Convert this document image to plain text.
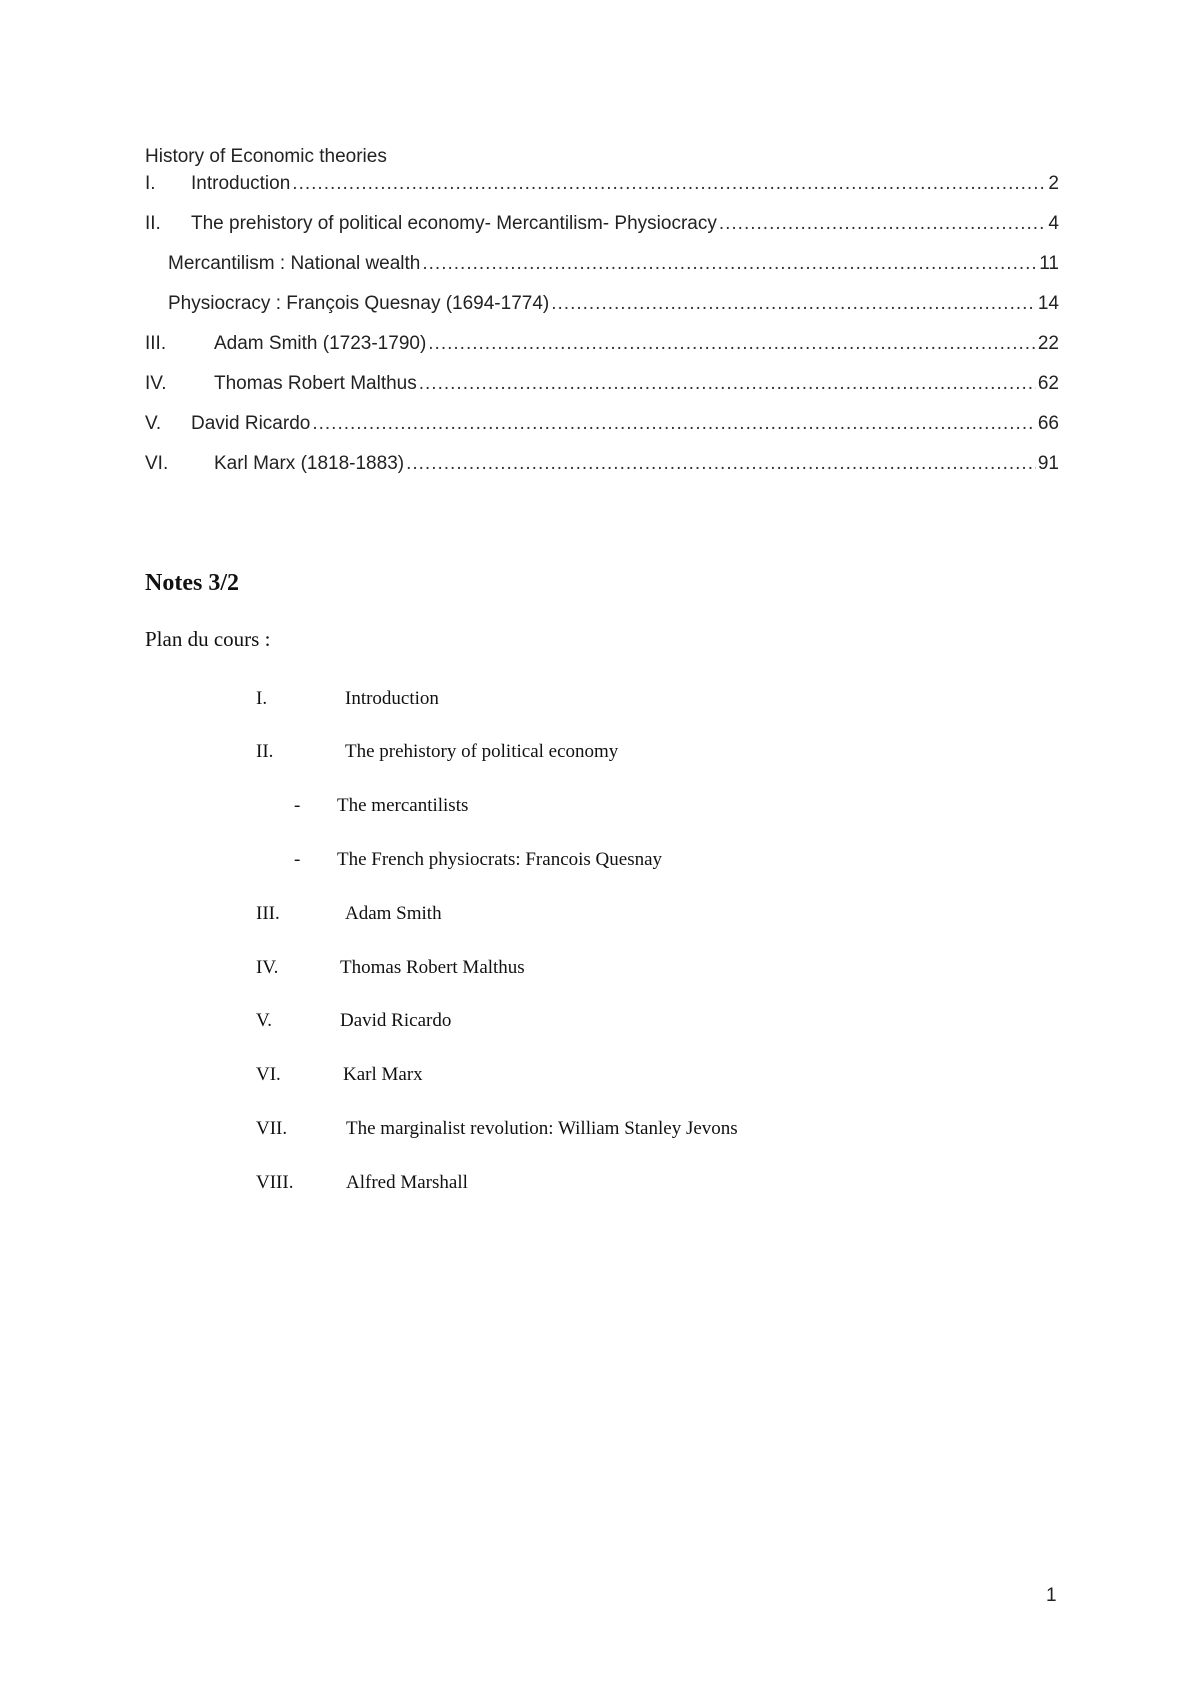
History of Economic theories
I.	Introduction .....	2
II.	The prehistory of political economy- Mercantilism- Physiocracy .....	4
Mercantilism : National wealth .....	11
Physiocracy : François Quesnay (1694-1774) .....	14
III.	Adam Smith (1723-1790) .....	22
IV.	Thomas Robert Malthus .....	62
V.	David Ricardo .....	66
VI.	Karl Marx (1818-1883) .....	91
Notes 3/2
Plan du cours :
I.	Introduction
II.	The prehistory of political economy
- The mercantilists
- The French physiocrats: Francois Quesnay
III.	Adam Smith
IV.	Thomas Robert Malthus
V.	David Ricardo
VI.	Karl Marx
VII.	The marginalist revolution: William Stanley Jevons
VIII.	Alfred Marshall
1
